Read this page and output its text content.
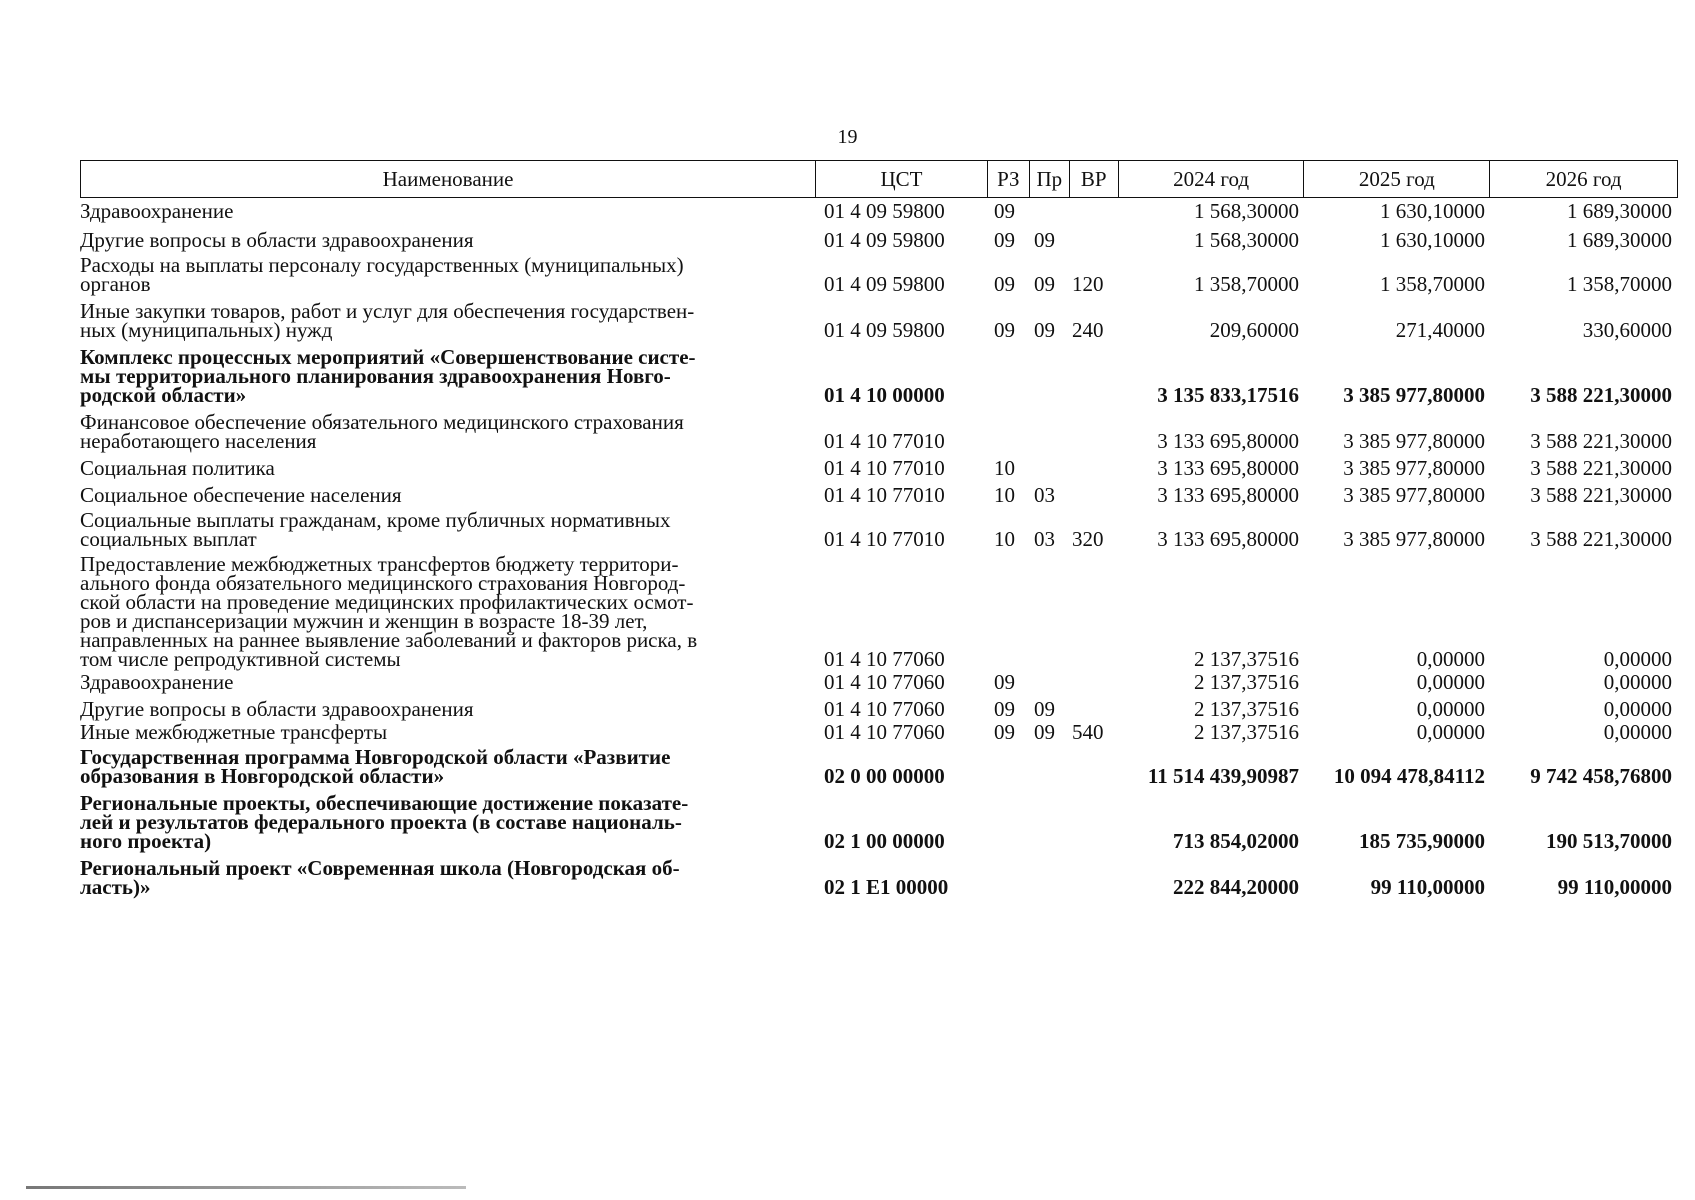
19
Наименование	ЦСТ	РЗ Пр ВР	2024 год	2025 год	2026 год
Здравоохранение	01 4 09 59800	09	1 568,30000	1 630,10000	1 689,30000
Другие вопросы в области здравоохранения	01 4 09 59800	09 09	1 568,30000	1 630,10000	1 689,30000
Расходы на выплаты персоналу государственных (муниципальных)
органов	01 4 09 59800	09 09 120	1 358,70000	1 358,70000	1 358,70000
Иные закупки товаров, работ и услуг для обеспечения государствен-
ных (муниципальных) нужд	01 4 09 59800	09 09 240	209,60000	271,40000	330,60000
Комплекс процессных мероприятий «Совершенствование систе-
мы территориального планирования здравоохранения Новго-
родской области»	01 4 10 00000	3 135 833,17516	3 385 977,80000	3 588 221,30000
Финансовое обеспечение обязательного медицинского страхования
неработающего населения	01 4 10 77010	3 133 695,80000	3 385 977,80000	3 588 221,30000
Социальная политика	01 4 10 77010	10	3 133 695,80000	3 385 977,80000	3 588 221,30000
Социальное обеспечение населения	01 4 10 77010	10 03	3 133 695,80000	3 385 977,80000	3 588 221,30000
Социальные выплаты гражданам, кроме публичных нормативных
социальных выплат	01 4 10 77010	10 03 320	3 133 695,80000	3 385 977,80000	3 588 221,30000
Предоставление межбюджетных трансфертов бюджету территори-
ального фонда обязательного медицинского страхования Новгород-
ской области на проведение медицинских профилактических осмот-
ров и диспансеризации мужчин и женщин в возрасте 18-39 лет,
направленных на раннее выявление заболеваний и факторов риска, в
том числе репродуктивной системы	01 4 10 77060	2 137,37516	0,00000	0,00000
Здравоохранение	01 4 10 77060	09	2 137,37516	0,00000	0,00000
Другие вопросы в области здравоохранения	01 4 10 77060	09 09	2 137,37516	0,00000	0,00000
Иные межбюджетные трансферты	01 4 10 77060	09 09 540	2 137,37516	0,00000	0,00000
Государственная программа Новгородской области «Развитие
образования в Новгородской области»	02 0 00 00000	11 514 439,90987	10 094 478,84112	9 742 458,76800
Региональные проекты, обеспечивающие достижение показате-
лей и результатов федерального проекта (в составе националь-
ного проекта)	02 1 00 00000	713 854,02000	185 735,90000	190 513,70000
Региональный проект «Современная школа (Новгородская об-
ласть)»	02 1 E1 00000	222 844,20000	99 110,00000	99 110,00000
